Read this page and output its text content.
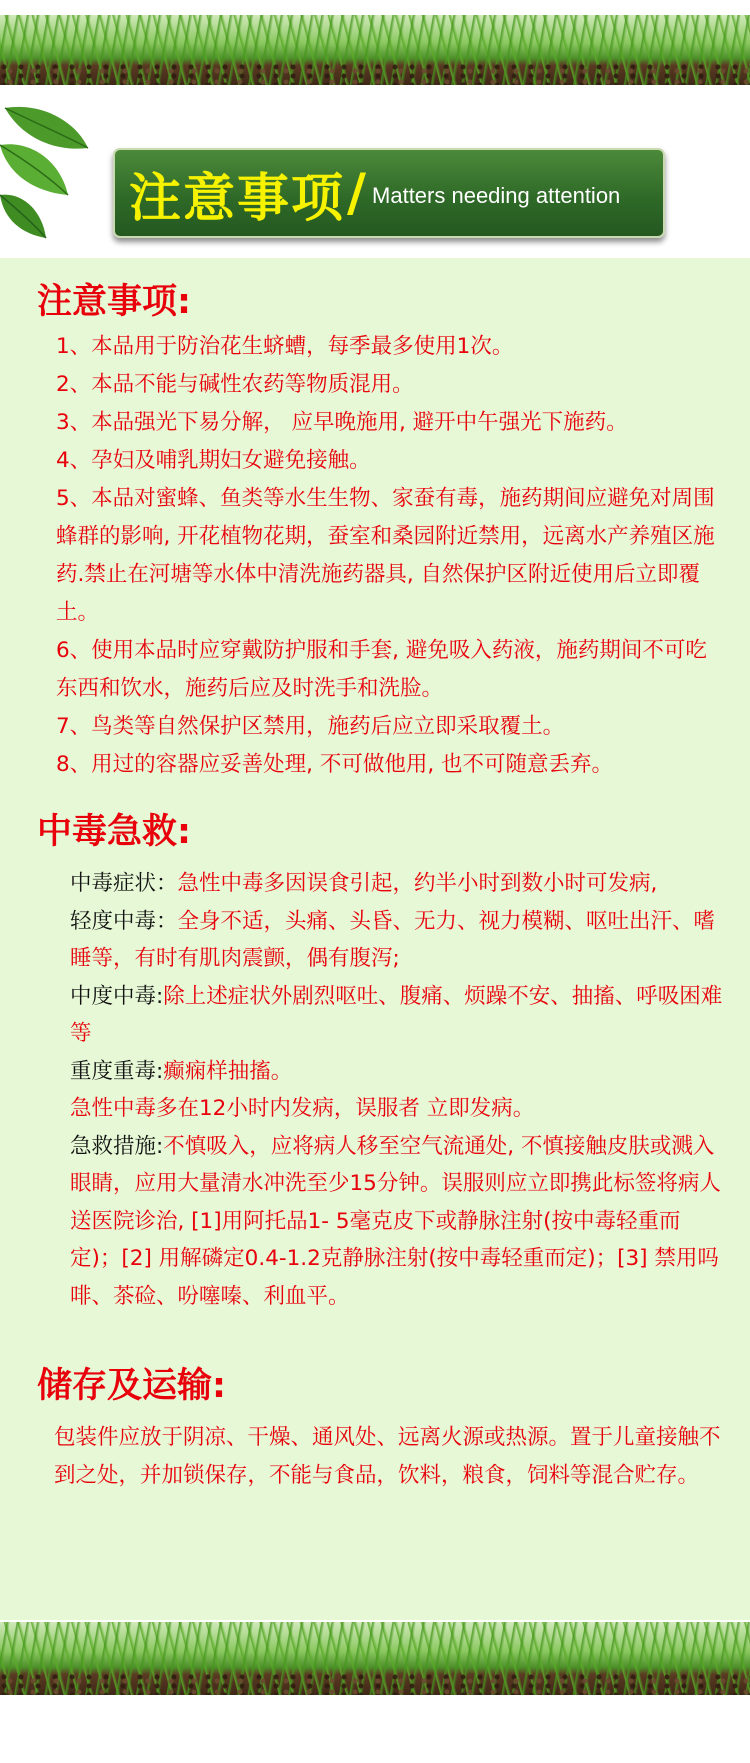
注意事项 / Matters needing attention
注意事项:
1、本品用于防治花生蛴螬，每季最多使用1次。
2、本品不能与碱性农药等物质混用。
3、本品强光下易分解， 应早晚施用, 避开中午强光下施药。
4、孕妇及哺乳期妇女避免接触。
5、本品对蜜蜂、鱼类等水生生物、家蚕有毒，施药期间应避免对周围蜂群的影响, 开花植物花期，蚕室和桑园附近禁用，远离水产养殖区施药.禁止在河塘等水体中清洗施药器具, 自然保护区附近使用后立即覆土。
6、使用本品时应穿戴防护服和手套, 避免吸入药液，施药期间不可吃东西和饮水，施药后应及时洗手和洗脸。
7、鸟类等自然保护区禁用，施药后应立即采取覆土。
8、用过的容器应妥善处理, 不可做他用, 也不可随意丢弃。
中毒急救:
中毒症状：急性中毒多因误食引起，约半小时到数小时可发病,
轻度中毒：全身不适，头痛、头昏、无力、视力模糊、呕吐出汗、嗜睡等，有时有肌肉震颤，偶有腹泻;
中度中毒:除上述症状外剧烈呕吐、腹痛、烦躁不安、抽搐、呼吸困难等
重度重毒:癫痫样抽搐。
急性中毒多在12小时内发病，误服者 立即发病。
急救措施:不慎吸入，应将病人移至空气流通处, 不慎接触皮肤或溅入眼睛，应用大量清水冲洗至少15分钟。误服则应立即携此标签将病人送医院诊治, [1]用阿托品1- 5毫克皮下或静脉注射(按中毒轻重而定)；[2] 用解磷定0.4-1.2克静脉注射(按中毒轻重而定)；[3] 禁用吗啡、茶硷、吩噻嗪、利血平。
储存及运输:
包装件应放于阴凉、干燥、通风处、远离火源或热源。置于儿童接触不到之处，并加锁保存，不能与食品，饮料，粮食，饲料等混合贮存。
